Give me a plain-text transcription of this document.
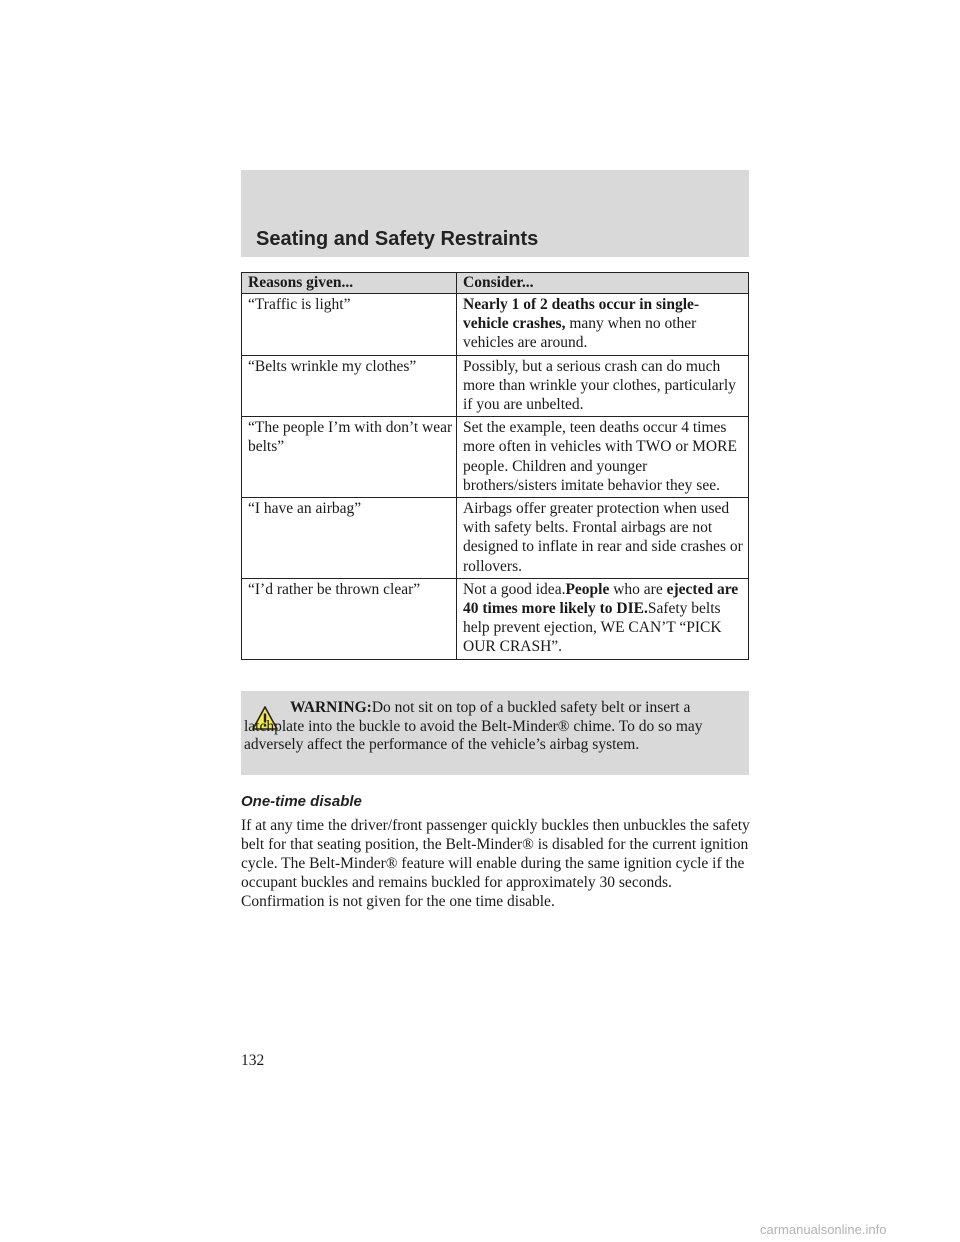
Seating and Safety Restraints
Reasons given...	Consider...
“Traffic is light”	Nearly 1 of 2 deaths occur in single-vehicle crashes, many when no other vehicles are around.
“Belts wrinkle my clothes”	Possibly, but a serious crash can do much more than wrinkle your clothes, particularly if you are unbelted.
“The people I’m with don’t wear belts”	Set the example, teen deaths occur 4 times more often in vehicles with TWO or MORE people. Children and younger brothers/sisters imitate behavior they see.
“I have an airbag”	Airbags offer greater protection when used with safety belts. Frontal airbags are not designed to inflate in rear and side crashes or rollovers.
“I’d rather be thrown clear”	Not a good idea.People who are ejected are 40 times more likely to DIE.Safety belts help prevent ejection, WE CAN’T “PICK OUR CRASH”.
WARNING:Do not sit on top of a buckled safety belt or insert a latchplate into the buckle to avoid the Belt-Minder® chime. To do so may adversely affect the performance of the vehicle’s airbag system.
One-time disable
If at any time the driver/front passenger quickly buckles then unbuckles the safety belt for that seating position, the Belt-Minder® is disabled for the current ignition cycle. The Belt-Minder® feature will enable during the same ignition cycle if the occupant buckles and remains buckled for approximately 30 seconds. Confirmation is not given for the one time disable.
132
carmanualsonline.info
